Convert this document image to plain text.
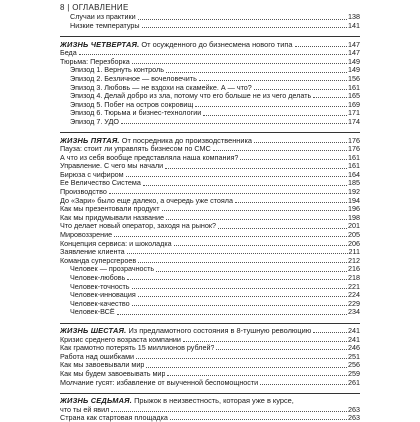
8 | ОГЛАВЛЕНИЕ
Случаи из практики	138
Низкие температуры	141
ЖИЗНЬ ЧЕТВЕРТАЯ. От осужденного до бизнесмена нового типа	147
Беда	147
Тюрьма: Перезборка	149
Эпизод 1. Вернуть контроль	149
Эпизод 2. Безличное — вочеловечить	156
Эпизод 3. Любовь — не вздохи на скамейке. А — что?	161
Эпизод 4. Делай добро из зла, потому что его больше не из чего делать	165
Эпизод 5. Побег на остров сокровищ	169
Эпизод 6. Тюрьма и бизнес-технологии	171
Эпизод 7. УДО	174
ЖИЗНЬ ПЯТАЯ. От посредника до производственника	176
Пауза: стоит ли управлять бизнесом по СМС	176
А что из себя вообще представляла наша компания?	161
Управление. С чего мы начали	161
Бирюза с чифиром	164
Ее Величество Система	185
Производство	192
До «Зари» было еще далеко, а очередь уже стояла	194
Как мы презентовали продукт	196
Как мы придумывали название	198
Что делает новый оператор, заходя на рынок?	201
Мировоззрение	205
Концепция сервиса: и шоколадка	206
Заявление клиента	211
Команда суперсгероев	212
Человек — прозрачность	216
Человек-любовь	218
Человек-точность	221
Человек-инновация	224
Человек-качество	229
Человек-ВСЁ	234
ЖИЗНЬ ШЕСТАЯ. Из предламотного состояния в 8-тушную революцию	241
Кризис среднего возраста компании	241
Как грамотно потерять 15 миллионов рублей?	246
Работа над ошибками	251
Как мы завоевывали мир	256
Как мы будем завоевывать мир	259
Молчание гусят: избавление от выученной беспомощности	261
ЖИЗНЬ СЕДЬМАЯ. Прыжок в неизвестность, которая уже в курсе,
что ты ей явил	263
Страна как стартовая площадка	263
